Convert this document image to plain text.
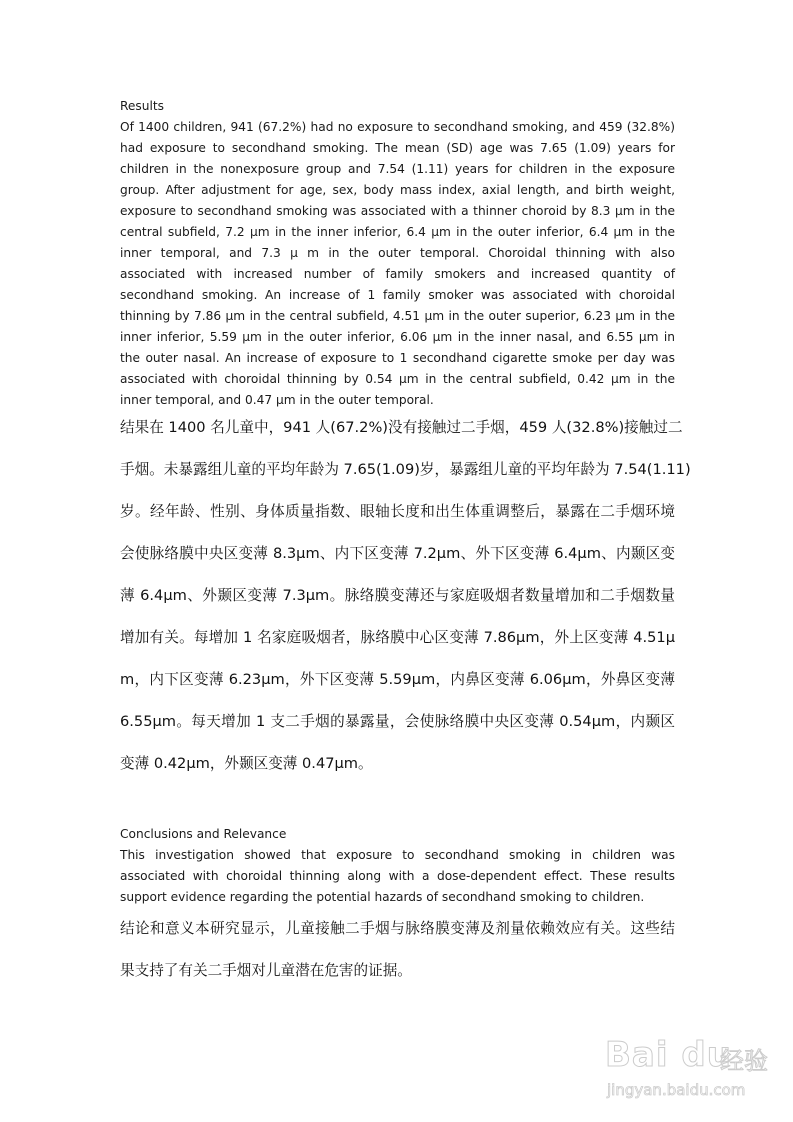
Results
Of 1400 children, 941 (67.2%) had no exposure to secondhand smoking, and 459 (32.8%)
had exposure to secondhand smoking. The mean (SD) age was 7.65 (1.09) years for
children in the nonexposure group and 7.54 (1.11) years for children in the exposure
group. After adjustment for age, sex, body mass index, axial length, and birth weight,
exposure to secondhand smoking was associated with a thinner choroid by 8.3 μm in the
central subfield, 7.2 μm in the inner inferior, 6.4 μm in the outer inferior, 6.4 μm in the
inner temporal, and 7.3 μ m in the outer temporal. Choroidal thinning with also
associated with increased number of family smokers and increased quantity of
secondhand smoking. An increase of 1 family smoker was associated with choroidal
thinning by 7.86 μm in the central subfield, 4.51 μm in the outer superior, 6.23 μm in the
inner inferior, 5.59 μm in the outer inferior, 6.06 μm in the inner nasal, and 6.55 μm in
the outer nasal. An increase of exposure to 1 secondhand cigarette smoke per day was
associated with choroidal thinning by 0.54 μm in the central subfield, 0.42 μm in the
inner temporal, and 0.47 μm in the outer temporal.
结果在 1400 名儿童中，941 人(67.2%)没有接触过二手烟，459 人(32.8%)接触过二
手烟。未暴露组儿童的平均年龄为 7.65(1.09)岁，暴露组儿童的平均年龄为 7.54(1.11)
岁。经年龄、性别、身体质量指数、眼轴长度和出生体重调整后，暴露在二手烟环境
会使脉络膜中央区变薄 8.3μm、内下区变薄 7.2μm、外下区变薄 6.4μm、内颞区变
薄 6.4μm、外颞区变薄 7.3μm。脉络膜变薄还与家庭吸烟者数量增加和二手烟数量
增加有关。每增加 1 名家庭吸烟者，脉络膜中心区变薄 7.86μm，外上区变薄 4.51μ
m，内下区变薄 6.23μm，外下区变薄 5.59μm，内鼻区变薄 6.06μm，外鼻区变薄
6.55μm。每天增加 1 支二手烟的暴露量，会使脉络膜中央区变薄 0.54μm，内颞区
变薄 0.42μm，外颞区变薄 0.47μm。
Conclusions and Relevance
This investigation showed that exposure to secondhand smoking in children was
associated with choroidal thinning along with a dose-dependent effect. These results
support evidence regarding the potential hazards of secondhand smoking to children.
结论和意义本研究显示，儿童接触二手烟与脉络膜变薄及剂量依赖效应有关。这些结
果支持了有关二手烟对儿童潜在危害的证据。
Bai du
经验
jingyan.baidu.com
